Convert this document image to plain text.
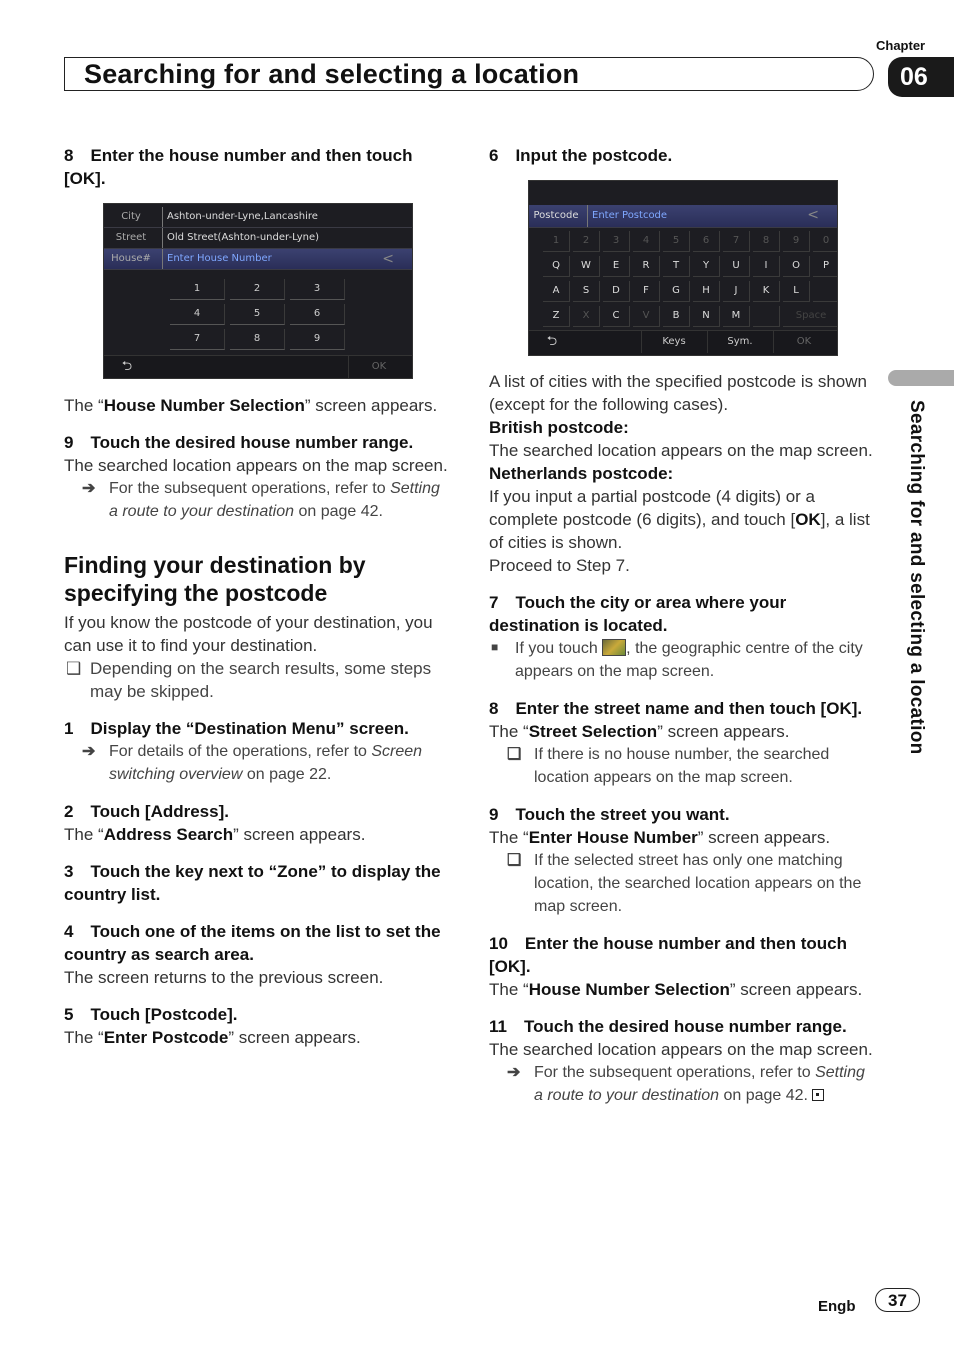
Chapter
Searching for and selecting a location	06
Searching for and selecting a location

8 Enter the house number and then touch [OK].

City	Ashton-under-Lyne,Lancashire
Street	Old Street(Ashton-under-Lyne)
House#	Enter House Number	<
1	2	3
4	5	6
7	8	9
⮌	OK

The “House Number Selection” screen appears.

9 Touch the desired house number range.

The searched location appears on the map screen.

➔ For the subsequent operations, refer to Setting a route to your destination on page 42.

Finding your destination by specifying the postcode

If you know the postcode of your destination, you can use it to find your destination.

❑ Depending on the search results, some steps may be skipped.

1 Display the “Destination Menu” screen.

➔ For details of the operations, refer to Screen switching overview on page 22.

2 Touch [Address].

The “Address Search” screen appears.

3 Touch the key next to “Zone” to display the country list.

4 Touch one of the items on the list to set the country as search area.

The screen returns to the previous screen.

5 Touch [Postcode].

The “Enter Postcode” screen appears.

6 Input the postcode.

Postcode	Enter Postcode	<
1	2	3	4	5	6	7	8	9	0
Q	W	E	R	T	Y	U	I	O	P
A	S	D	F	G	H	J	K	L
Z	X	C	V	B	N	M	Space
⮌	Keys	Sym.	OK

A list of cities with the specified postcode is shown (except for the following cases).

British postcode:

The searched location appears on the map screen.

Netherlands postcode:

If you input a partial postcode (4 digits) or a complete postcode (6 digits), and touch [OK], a list of cities is shown.

Proceed to Step 7.

7 Touch the city or area where your destination is located.

■ If you touch , the geographic centre of the city appears on the map screen.

8 Enter the street name and then touch [OK].

The “Street Selection” screen appears.

❑ If there is no house number, the searched location appears on the map screen.

9 Touch the street you want.

The “Enter House Number” screen appears.

❑ If the selected street has only one matching location, the searched location appears on the map screen.

10 Enter the house number and then touch [OK].

The “House Number Selection” screen appears.

11 Touch the desired house number range.

The searched location appears on the map screen.

➔ For the subsequent operations, refer to Setting a route to your destination on page 42.

Engb	37
